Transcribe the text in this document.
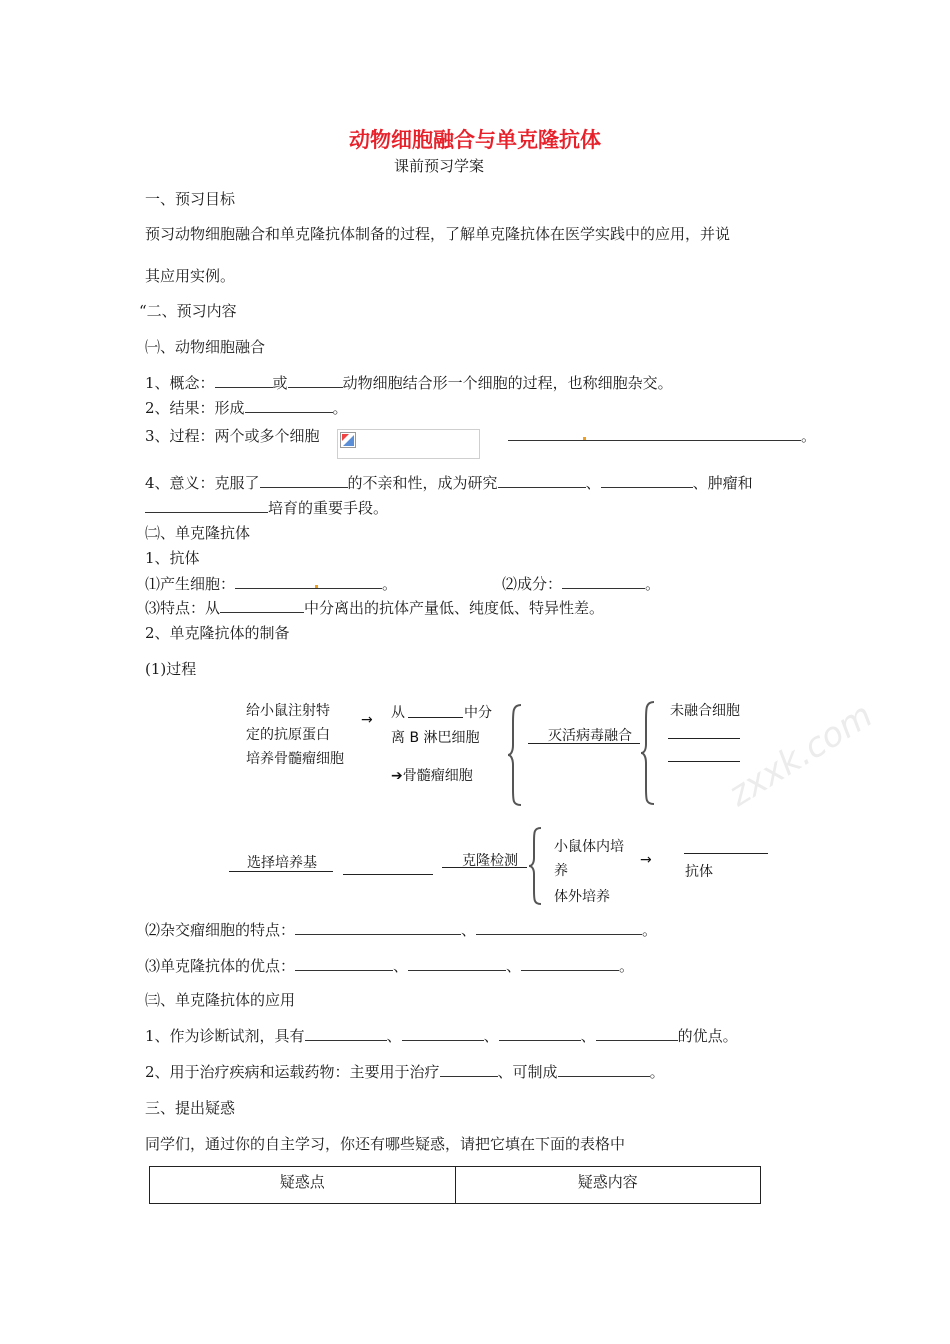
动物细胞融合与单克隆抗体
课前预习学案
一、预习目标
预习动物细胞融合和单克隆抗体制备的过程，了解单克隆抗体在医学实践中的应用，并说
其应用实例。
“二、预习内容
㈠、动物细胞融合
1、概念：	或	动物细胞结合形一个细胞的过程，也称细胞杂交。
2、结果：形成	。
3、过程：两个或多个细胞	。
4、意义：克服了	的不亲和性，成为研究	、	、肿瘤和
培育的重要手段。
㈡、单克隆抗体
1、抗体
⑴产生细胞：	。	⑵成分：	。
⑶特点：从	中分离出的抗体产量低、纯度低、特异性差。
2、单克隆抗体的制备
(1)过程
zxxk.com
给小鼠注射特
定的抗原蛋白
培养骨髓瘤细胞
→ 从	中分
离 B 淋巴细胞
➔骨髓瘤细胞
灭活病毒融合
未融合细胞
选择培养基	克隆检测
小鼠体内培
养
体外培养
→
抗体
⑵杂交瘤细胞的特点：	、	。
⑶单克隆抗体的优点：	、	、	。
㈢、单克隆抗体的应用
1、作为诊断试剂，具有	、	、	、	的优点。
2、用于治疗疾病和运载药物：主要用于治疗	、可制成	。
三、提出疑惑
同学们，通过你的自主学习，你还有哪些疑惑，请把它填在下面的表格中
疑惑点	疑惑内容
